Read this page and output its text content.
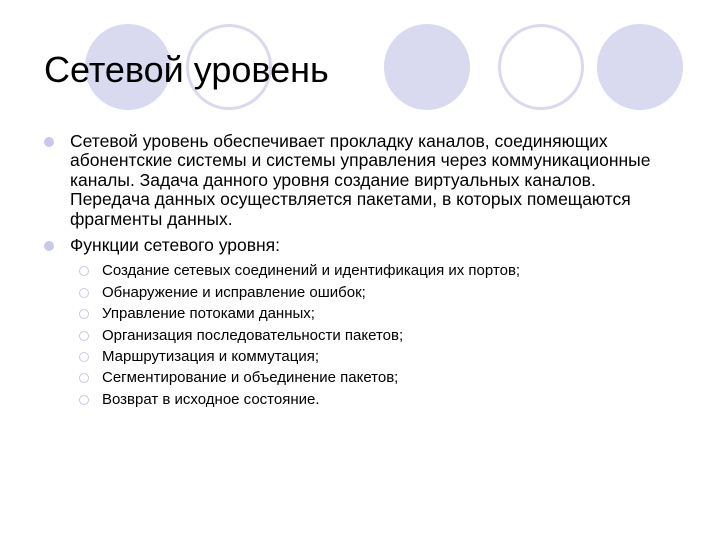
Сетевой уровень
Сетевой уровень обеспечивает прокладку каналов, соединяющих абонентские системы и системы управления через коммуникационные каналы. Задача данного уровня создание виртуальных каналов. Передача данных осуществляется пакетами, в которых помещаются фрагменты данных.
Функции сетевого уровня:
Создание сетевых соединений и идентификация их портов;
Обнаружение и исправление ошибок;
Управление потоками данных;
Организация последовательности пакетов;
Маршрутизация и коммутация;
Сегментирование и объединение пакетов;
Возврат в исходное состояние.
